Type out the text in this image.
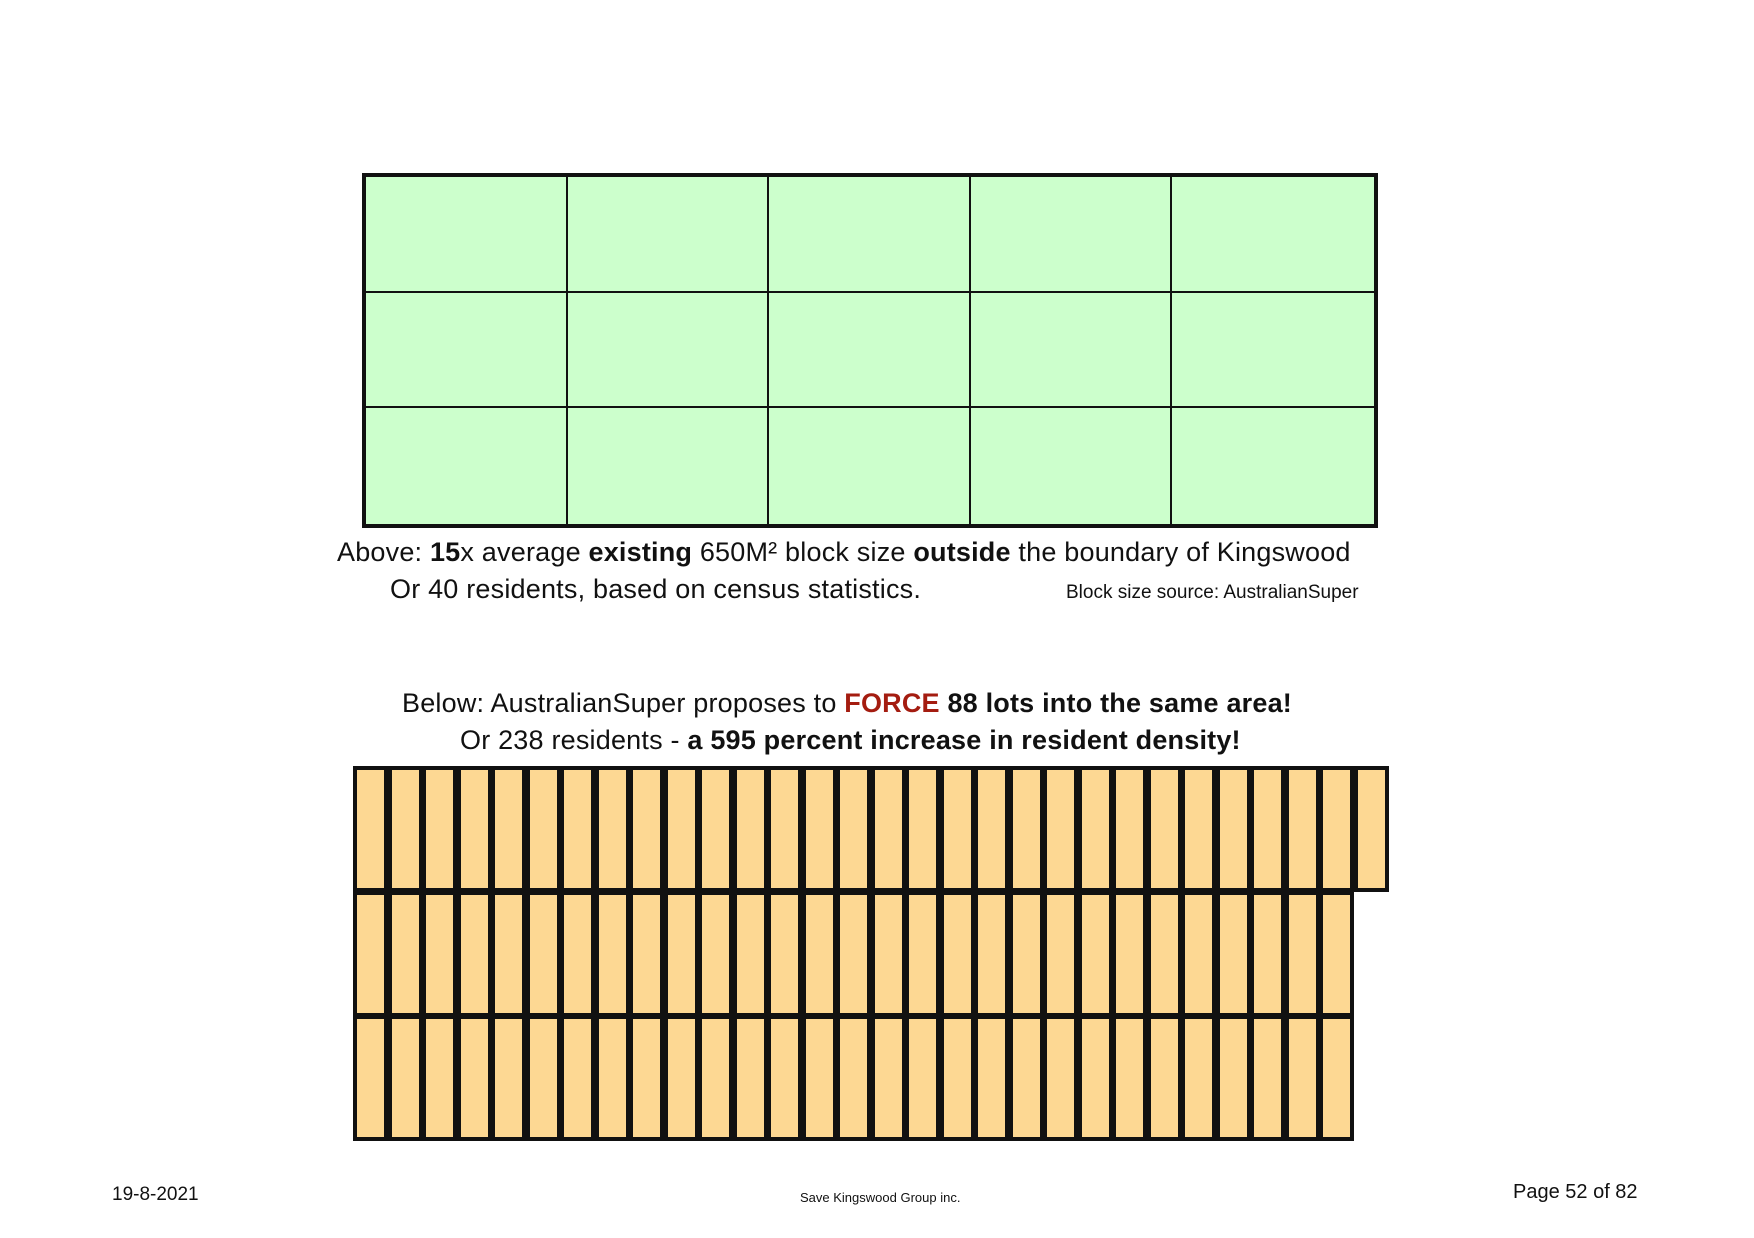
Above: 15x average existing 650M² block size outside the boundary of Kingswood
Or 40 residents, based on census statistics.	Block size source: AustralianSuper
Below: AustralianSuper proposes to FORCE 88 lots into the same area!
Or 238 residents - a 595 percent increase in resident density!
19-8-2021	Save Kingswood Group inc.	Page 52 of 82
